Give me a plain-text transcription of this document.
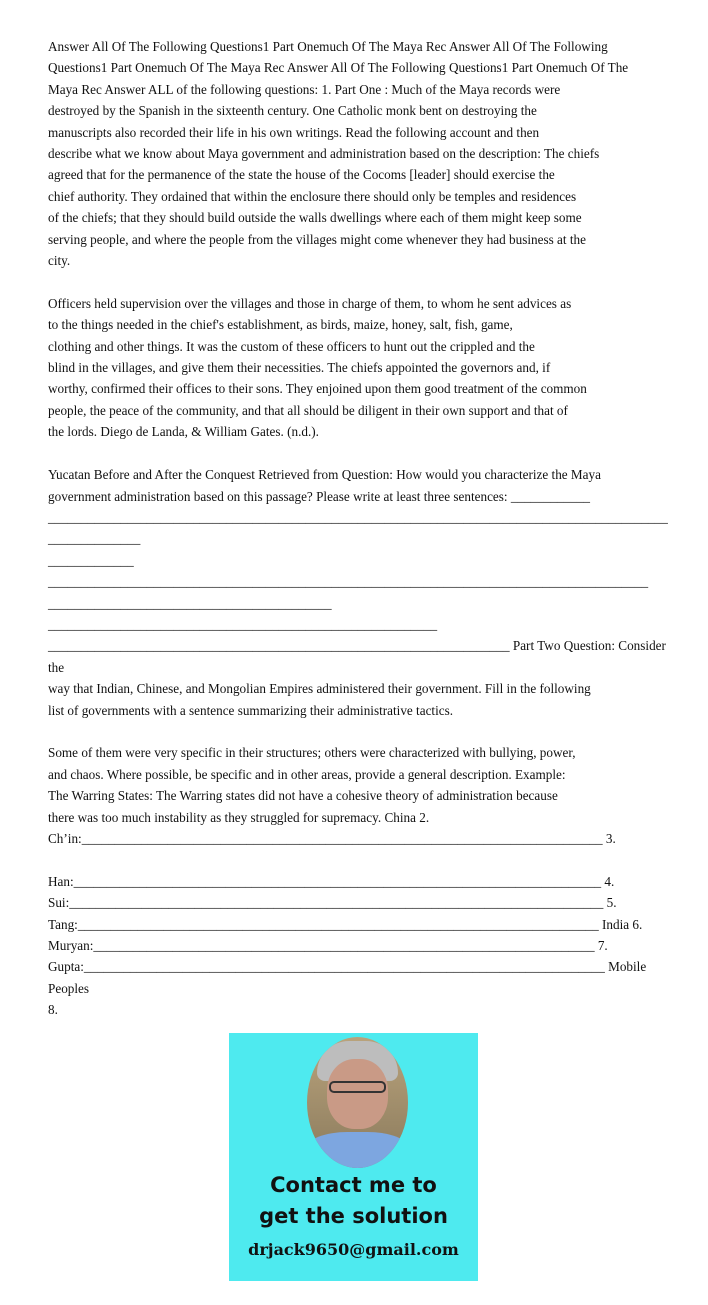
Answer All Of The Following Questions1 Part Onemuch Of The Maya Rec Answer All Of The Following
Questions1 Part Onemuch Of The Maya Rec Answer All Of The Following Questions1 Part Onemuch Of The
Maya Rec Answer ALL of the following questions: 1. Part One : Much of the Maya records were
destroyed by the Spanish in the sixteenth century. One Catholic monk bent on destroying the
manuscripts also recorded their life in his own writings. Read the following account and then
describe what we know about Maya government and administration based on the description: The chiefs
agreed that for the permanence of the state the house of the Cocoms [leader] should exercise the
chief authority. They ordained that within the enclosure there should only be temples and residences
of the chiefs; that they should build outside the walls dwellings where each of them might keep some
serving people, and where the people from the villages might come whenever they had business at the
city.
Officers held supervision over the villages and those in charge of them, to whom he sent advices as
to the things needed in the chief's establishment, as birds, maize, honey, salt, fish, game,
clothing and other things. It was the custom of these officers to hunt out the crippled and the
blind in the villages, and give them their necessities. The chiefs appointed the governors and, if
worthy, confirmed their offices to their sons. They enjoined upon them good treatment of the common
people, the peace of the community, and that all should be diligent in their own support and that of
the lords. Diego de Landa, & William Gates. (n.d.).
Yucatan Before and After the Conquest Retrieved from Question: How would you characterize the Maya
government administration based on this passage? Please write at least three sentences: ____________
____________________________________________________________________________________________________________
_____________ ___________________________________________________________________________________________
___________________________________________ ___________________________________________________________
______________________________________________________________________ Part Two Question: Consider the
way that Indian, Chinese, and Mongolian Empires administered their government. Fill in the following
list of governments with a sentence summarizing their administrative tactics.
Some of them were very specific in their structures; others were characterized with bullying, power,
and chaos. Where possible, be specific and in other areas, provide a general description. Example:
The Warring States: The Warring states did not have a cohesive theory of administration because
there was too much instability as they struggled for supremacy. China 2.
Ch’in:_______________________________________________________________________________ 3.
Han:________________________________________________________________________________ 4.
Sui:_________________________________________________________________________________ 5.
Tang:_______________________________________________________________________________ India 6.
Muryan:____________________________________________________________________________ 7.
Gupta:_______________________________________________________________________________ Mobile Peoples
8.
Contact me to
get the solution
drjack9650@gmail.com
